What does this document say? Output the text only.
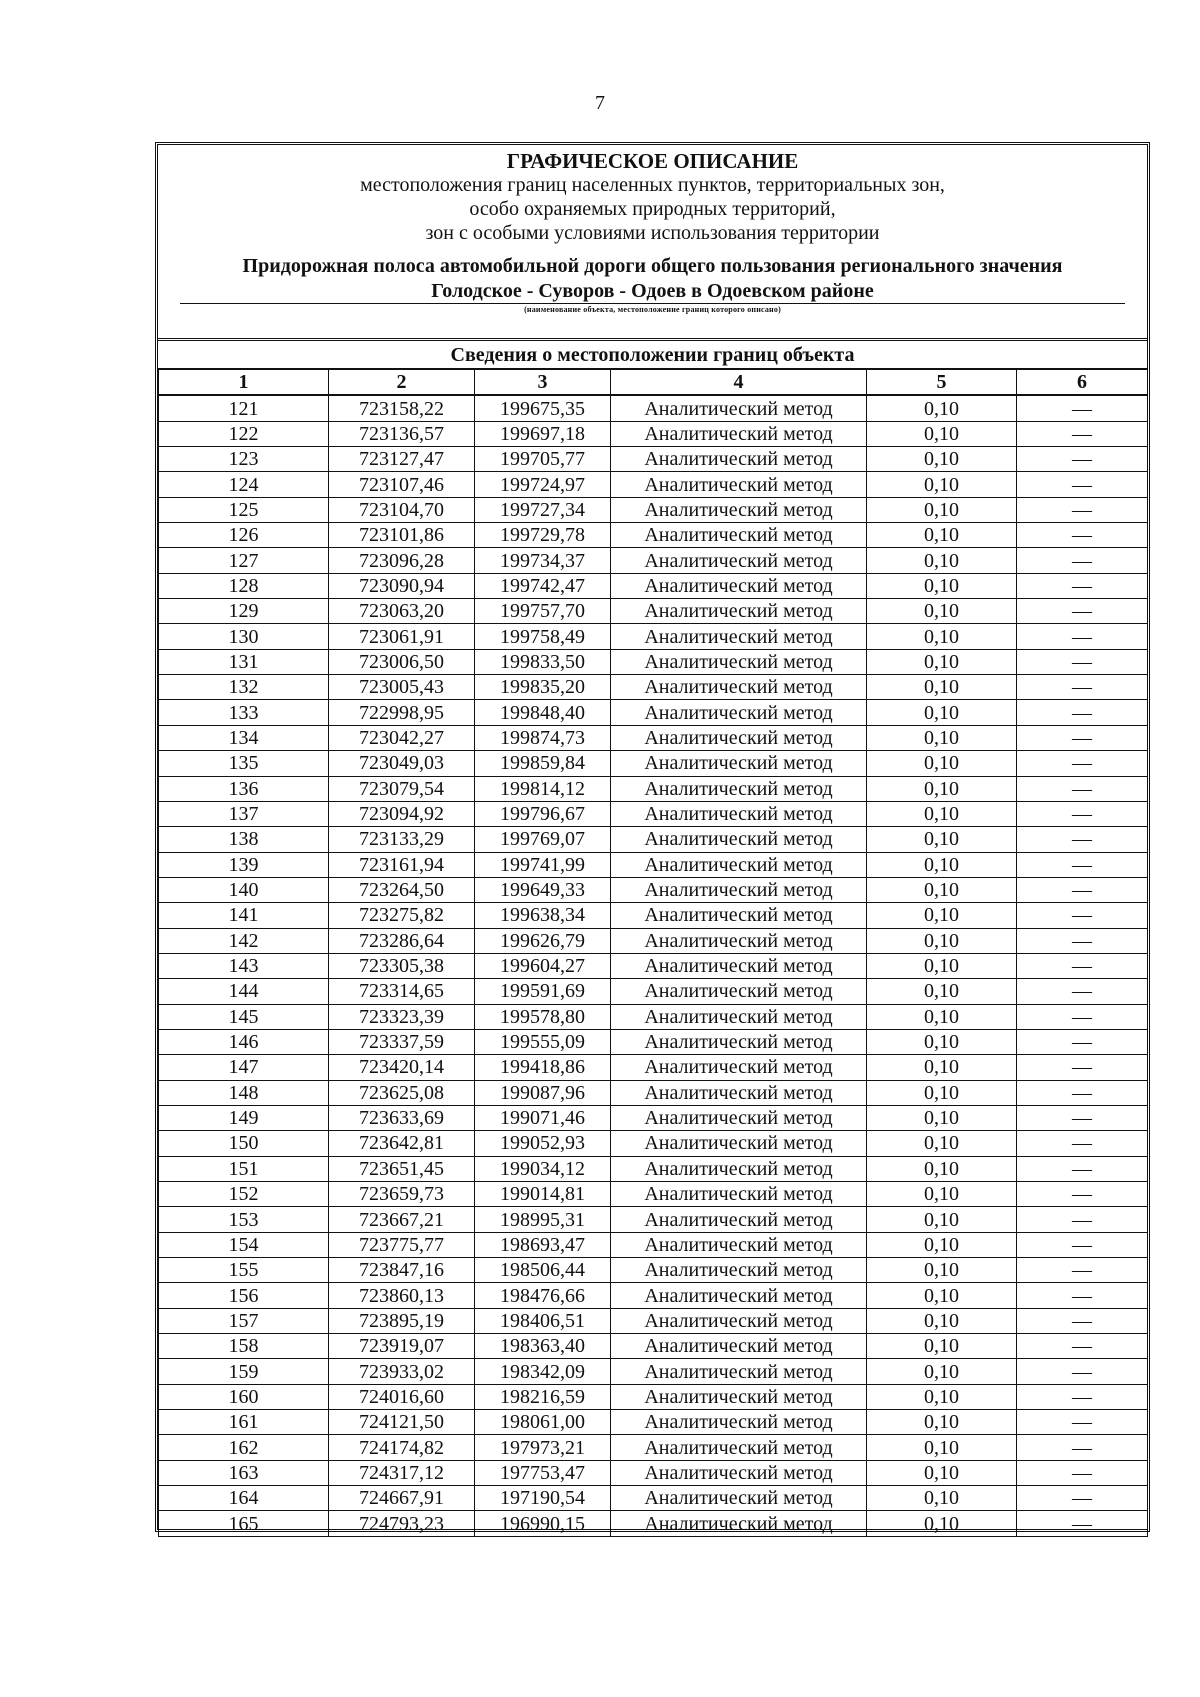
7
ГРАФИЧЕСКОЕ ОПИСАНИЕ
местоположения границ населенных пунктов, территориальных зон,
особо охраняемых природных территорий,
зон с особыми условиями использования территории
Придорожная полоса автомобильной дороги общего пользования регионального значения
Голодское - Суворов - Одоев в Одоевском районе
(наименование объекта, местоположение границ которого описано)
Сведения о местоположении границ объекта
1	2	3	4	5	6
121	723158,22	199675,35	Аналитический метод	0,10	—
122	723136,57	199697,18	Аналитический метод	0,10	—
123	723127,47	199705,77	Аналитический метод	0,10	—
124	723107,46	199724,97	Аналитический метод	0,10	—
125	723104,70	199727,34	Аналитический метод	0,10	—
126	723101,86	199729,78	Аналитический метод	0,10	—
127	723096,28	199734,37	Аналитический метод	0,10	—
128	723090,94	199742,47	Аналитический метод	0,10	—
129	723063,20	199757,70	Аналитический метод	0,10	—
130	723061,91	199758,49	Аналитический метод	0,10	—
131	723006,50	199833,50	Аналитический метод	0,10	—
132	723005,43	199835,20	Аналитический метод	0,10	—
133	722998,95	199848,40	Аналитический метод	0,10	—
134	723042,27	199874,73	Аналитический метод	0,10	—
135	723049,03	199859,84	Аналитический метод	0,10	—
136	723079,54	199814,12	Аналитический метод	0,10	—
137	723094,92	199796,67	Аналитический метод	0,10	—
138	723133,29	199769,07	Аналитический метод	0,10	—
139	723161,94	199741,99	Аналитический метод	0,10	—
140	723264,50	199649,33	Аналитический метод	0,10	—
141	723275,82	199638,34	Аналитический метод	0,10	—
142	723286,64	199626,79	Аналитический метод	0,10	—
143	723305,38	199604,27	Аналитический метод	0,10	—
144	723314,65	199591,69	Аналитический метод	0,10	—
145	723323,39	199578,80	Аналитический метод	0,10	—
146	723337,59	199555,09	Аналитический метод	0,10	—
147	723420,14	199418,86	Аналитический метод	0,10	—
148	723625,08	199087,96	Аналитический метод	0,10	—
149	723633,69	199071,46	Аналитический метод	0,10	—
150	723642,81	199052,93	Аналитический метод	0,10	—
151	723651,45	199034,12	Аналитический метод	0,10	—
152	723659,73	199014,81	Аналитический метод	0,10	—
153	723667,21	198995,31	Аналитический метод	0,10	—
154	723775,77	198693,47	Аналитический метод	0,10	—
155	723847,16	198506,44	Аналитический метод	0,10	—
156	723860,13	198476,66	Аналитический метод	0,10	—
157	723895,19	198406,51	Аналитический метод	0,10	—
158	723919,07	198363,40	Аналитический метод	0,10	—
159	723933,02	198342,09	Аналитический метод	0,10	—
160	724016,60	198216,59	Аналитический метод	0,10	—
161	724121,50	198061,00	Аналитический метод	0,10	—
162	724174,82	197973,21	Аналитический метод	0,10	—
163	724317,12	197753,47	Аналитический метод	0,10	—
164	724667,91	197190,54	Аналитический метод	0,10	—
165	724793,23	196990,15	Аналитический метод	0,10	—
